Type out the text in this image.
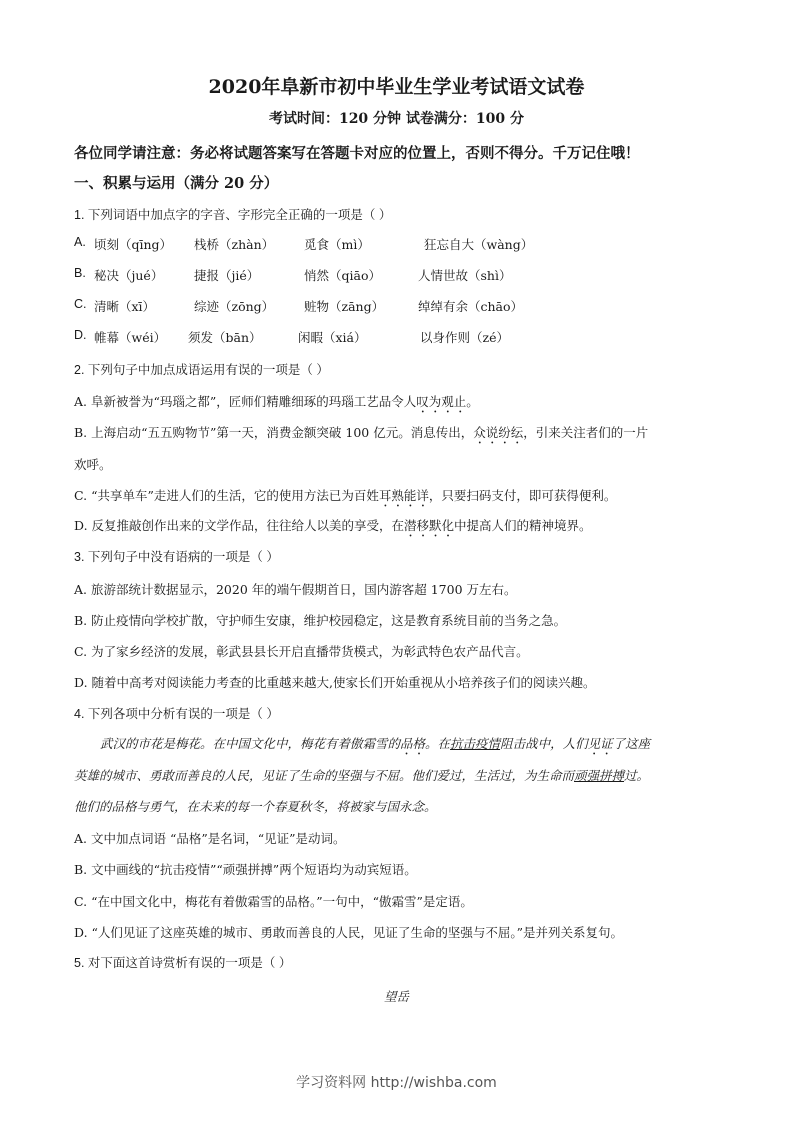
2020年阜新市初中毕业生学业考试语文试卷
考试时间：120 分钟 试卷满分：100 分
各位同学请注意：务必将试题答案写在答题卡对应的位置上，否则不得分。千万记住哦！
一、积累与运用（满分 20 分）
1. 下列词语中加点字的字音、字形完全正确的一项是（ ）
A. 顷刻（qīng） 栈桥（zhàn） 觅食（mì）	狂忘自大（wàng）
B. 秘决（jué） 捷报（jié）	悄然（qiāo）	人情世故（shì）
C. 清晰（xī）	综迹（zōng） 赃物（zāng）	绰绰有余（chāo）
D. 帷幕（wéi） 须发（bān）	闲暇（xiá）	以身作则（zé）
2. 下列句子中加点成语运用有误的一项是（ ）
A. 阜新被誉为“玛瑙之都”，匠师们精雕细琢的玛瑙工艺品令人叹为观止。
B. 上海启动“五五购物节”第一天，消费金额突破 100 亿元。消息传出，众说纷纭，引来关注者们的一片
欢呼。
C. “共享单车”走进人们的生活，它的使用方法已为百姓耳熟能详，只要扫码支付，即可获得便利。
D. 反复推敲创作出来的文学作品，往往给人以美的享受，在潜移默化中提高人们的精神境界。
3. 下列句子中没有语病的一项是（ ）
A. 旅游部统计数据显示，2020 年的端午假期首日，国内游客超 1700 万左右。
B. 防止疫情向学校扩散，守护师生安康，维护校园稳定，这是教育系统目前的当务之急。
C. 为了家乡经济的发展，彰武县县长开启直播带货模式，为彰武特色农产品代言。
D. 随着中高考对阅读能力考查的比重越来越大,使家长们开始重视从小培养孩子们的阅读兴趣。
4. 下列各项中分析有误的一项是（ ）
武汉的市花是梅花。在中国文化中，梅花有着傲霜雪的品格。在抗击疫情阻击战中，人们见证了这座
英雄的城市、勇敢而善良的人民，见证了生命的坚强与不屈。他们爱过，生活过，为生命而顽强拼搏过。
他们的品格与勇气，在未来的每一个春夏秋冬，将被家与国永念。
A. 文中加点词语 “品格”是名词，“见证”是动词。
B. 文中画线的“抗击疫情”“顽强拼搏”两个短语均为动宾短语。
C. “在中国文化中，梅花有着傲霜雪的品格。”一句中，“傲霜雪”是定语。
D. “人们见证了这座英雄的城市、勇敢而善良的人民，见证了生命的坚强与不屈。”是并列关系复句。
5. 对下面这首诗赏析有误的一项是（ ）
望岳
学习资料网 http://wishba.com
